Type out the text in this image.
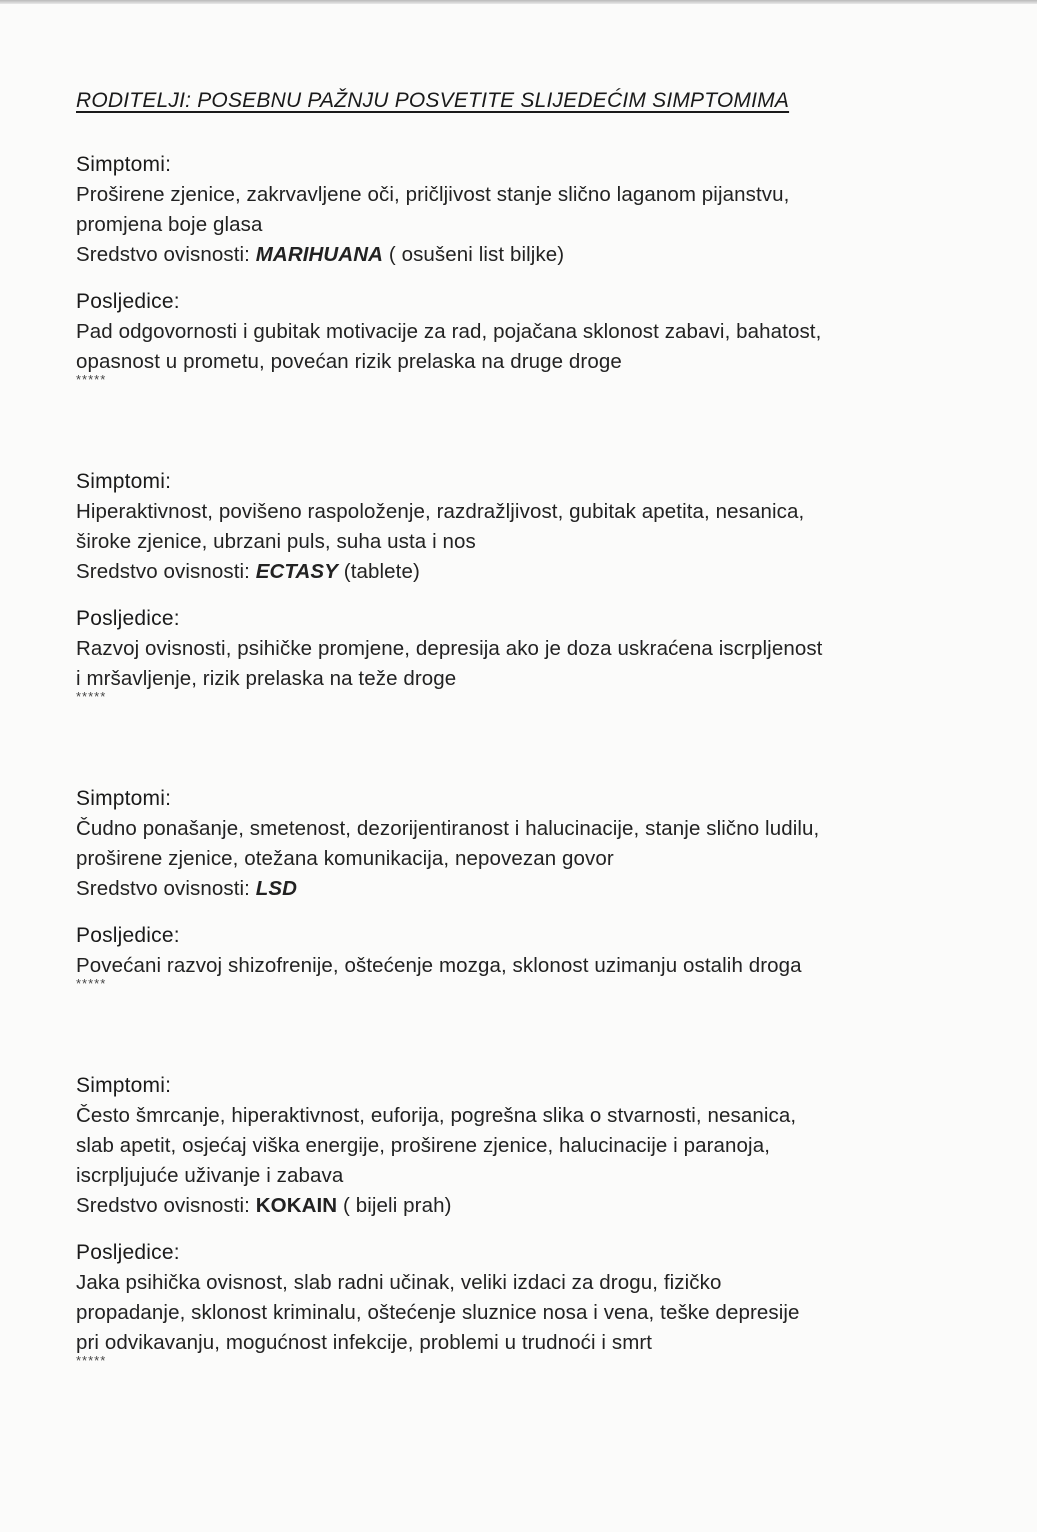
RODITELJI: POSEBNU PAŽNJU POSVETITE SLIJEDEĆIM SIMPTOMIMA
Simptomi:
Proširene zjenice, zakrvavljene oči, pričljivost stanje slično laganom pijanstvu,
promjena boje glasa
Sredstvo ovisnosti: MARIHUANA ( osušeni list biljke)
Posljedice:
Pad odgovornosti i gubitak motivacije za rad, pojačana sklonost zabavi, bahatost,
opasnost u prometu, povećan rizik prelaska na druge droge
*****
Simptomi:
Hiperaktivnost, povišeno raspoloženje, razdražljivost, gubitak apetita, nesanica,
široke zjenice, ubrzani puls, suha usta i nos
Sredstvo ovisnosti: ECTASY (tablete)
Posljedice:
Razvoj ovisnosti, psihičke promjene, depresija ako je doza uskraćena iscrpljenost
i mršavljenje, rizik prelaska na teže droge
*****
Simptomi:
Čudno ponašanje, smetenost, dezorijentiranost i halucinacije, stanje slično ludilu,
proširene zjenice, otežana komunikacija, nepovezan govor
Sredstvo ovisnosti: LSD
Posljedice:
Povećani razvoj shizofrenije, oštećenje mozga, sklonost uzimanju ostalih droga
*****
Simptomi:
Često šmrcanje, hiperaktivnost, euforija, pogrešna slika o stvarnosti, nesanica,
slab apetit, osjećaj viška energije, proširene zjenice, halucinacije i paranoja,
iscrpljujuće uživanje i zabava
Sredstvo ovisnosti: KOKAIN ( bijeli prah)
Posljedice:
Jaka psihička ovisnost, slab radni učinak, veliki izdaci za drogu, fizičko
propadanje, sklonost kriminalu, oštećenje sluznice nosa i vena, teške depresije
pri odvikavanju, mogućnost infekcije, problemi u trudnoći i smrt
*****
